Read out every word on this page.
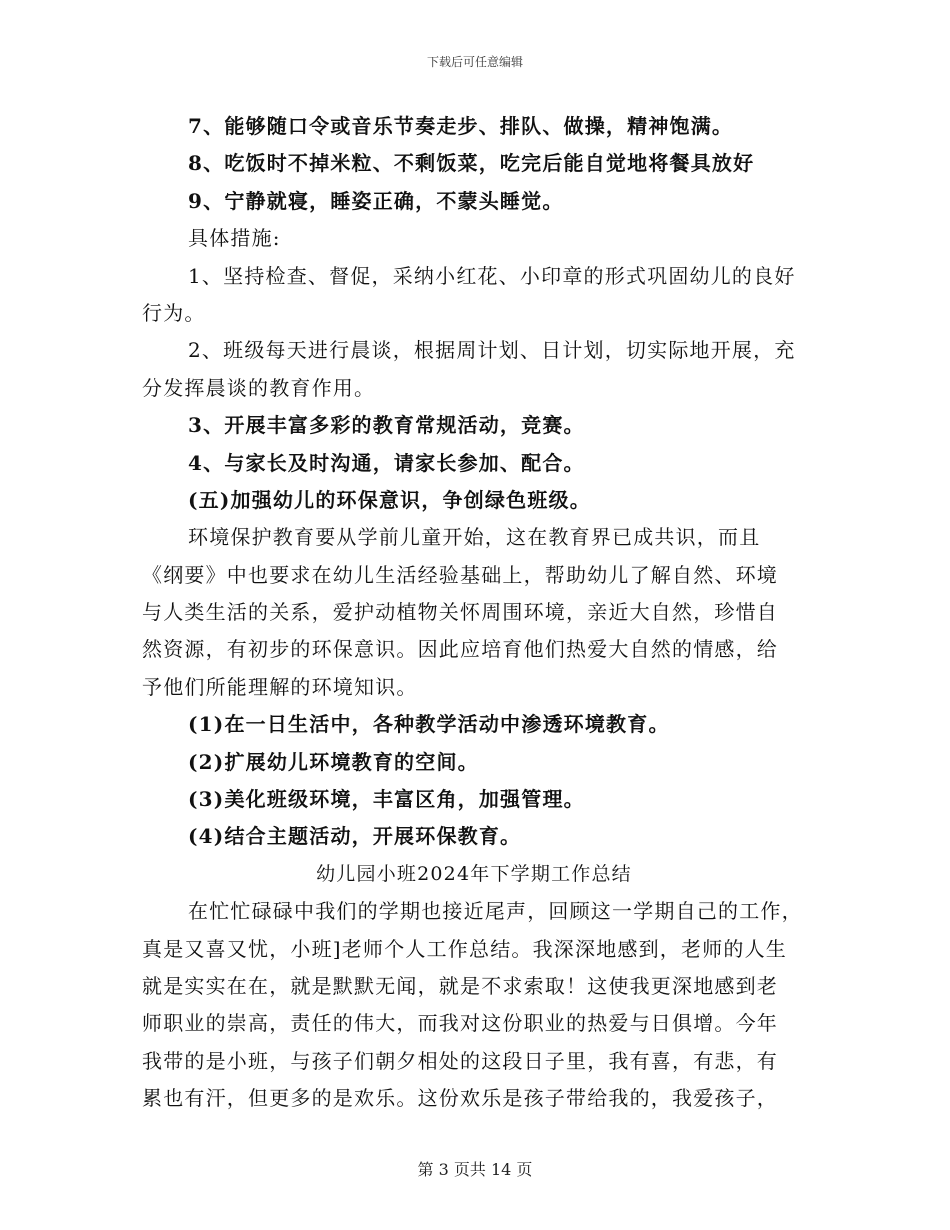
下载后可任意编辑
7、能够随口令或音乐节奏走步、排队、做操，精神饱满。
8、吃饭时不掉米粒、不剩饭菜，吃完后能自觉地将餐具放好
9、宁静就寝，睡姿正确，不蒙头睡觉。
具体措施:
1、坚持检查、督促，采纳小红花、小印章的形式巩固幼儿的良好
行为。
2、班级每天进行晨谈，根据周计划、日计划，切实际地开展，充
分发挥晨谈的教育作用。
3、开展丰富多彩的教育常规活动，竞赛。
4、与家长及时沟通，请家长参加、配合。
(五)加强幼儿的环保意识，争创绿色班级。
环境保护教育要从学前儿童开始，这在教育界已成共识，而且
《纲要》中也要求在幼儿生活经验基础上，帮助幼儿了解自然、环境
与人类生活的关系，爱护动植物关怀周围环境，亲近大自然，珍惜自
然资源，有初步的环保意识。因此应培育他们热爱大自然的情感，给
予他们所能理解的环境知识。
(1)在一日生活中，各种教学活动中渗透环境教育。
(2)扩展幼儿环境教育的空间。
(3)美化班级环境，丰富区角，加强管理。
(4)结合主题活动，开展环保教育。
幼儿园小班2024年下学期工作总结
在忙忙碌碌中我们的学期也接近尾声，回顾这一学期自己的工作，
真是又喜又忧，小班]老师个人工作总结。我深深地感到，老师的人生
就是实实在在，就是默默无闻，就是不求索取！这使我更深地感到老
师职业的崇高，责任的伟大，而我对这份职业的热爱与日俱增。今年
我带的是小班，与孩子们朝夕相处的这段日子里，我有喜，有悲，有
累也有汗，但更多的是欢乐。这份欢乐是孩子带给我的，我爱孩子，
第 3 页共 14 页
